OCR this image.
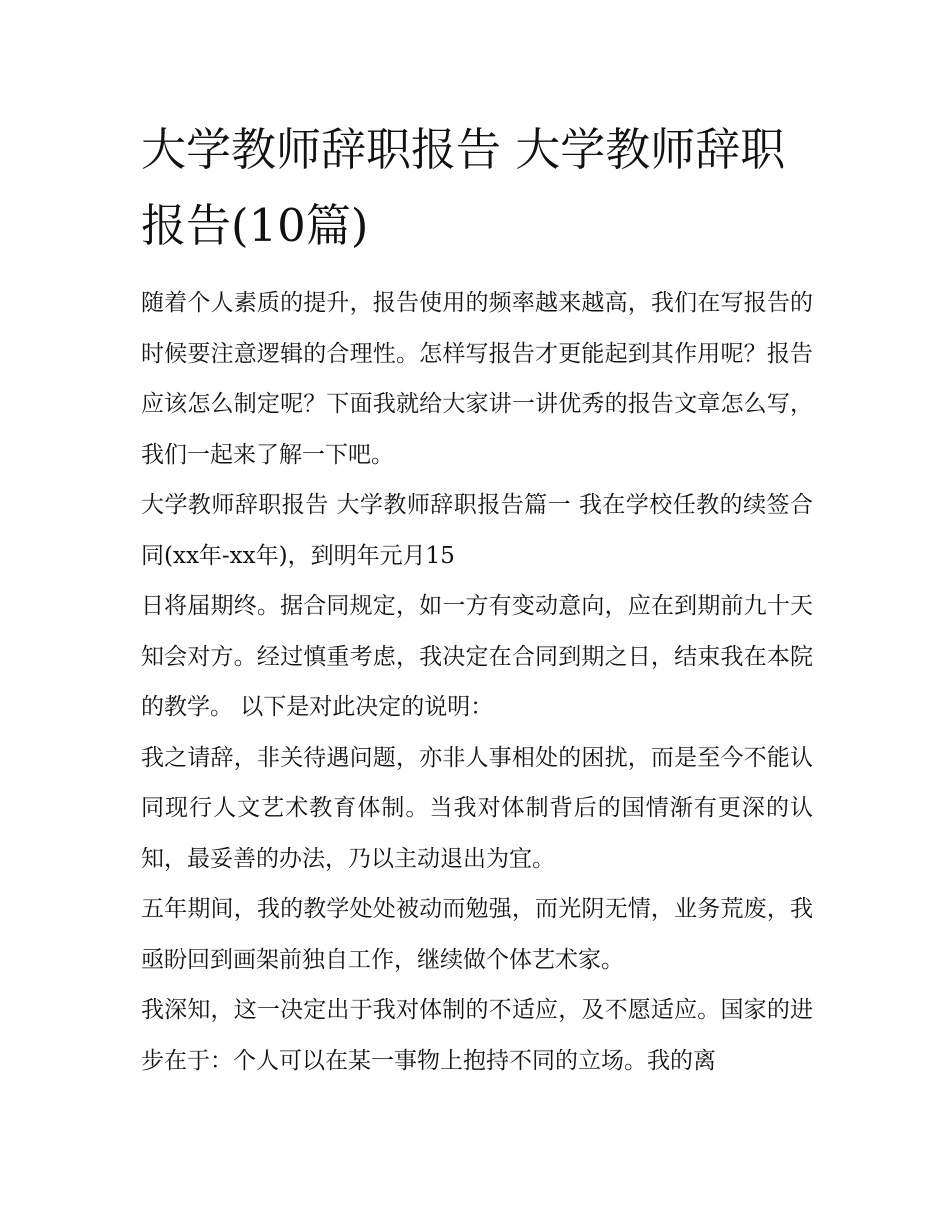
大学教师辞职报告 大学教师辞职报告(10篇)

随着个人素质的提升，报告使用的频率越来越高，我们在写报告的时候要注意逻辑的合理性。怎样写报告才更能起到其作用呢？报告应该怎么制定呢？下面我就给大家讲一讲优秀的报告文章怎么写，我们一起来了解一下吧。

大学教师辞职报告 大学教师辞职报告篇一 我在学校任教的续签合同(xx年-xx年)，到明年元月15

日将届期终。据合同规定，如一方有变动意向，应在到期前九十天知会对方。经过慎重考虑，我决定在合同到期之日，结束我在本院的教学。 以下是对此决定的说明：

我之请辞，非关待遇问题，亦非人事相处的困扰，而是至今不能认同现行人文艺术教育体制。当我对体制背后的国情渐有更深的认知，最妥善的办法，乃以主动退出为宜。

五年期间，我的教学处处被动而勉强，而光阴无情，业务荒废，我亟盼回到画架前独自工作，继续做个体艺术家。

我深知，这一决定出于我对体制的不适应，及不愿适应。国家的进步在于：个人可以在某一事物上抱持不同的立场。我的离
